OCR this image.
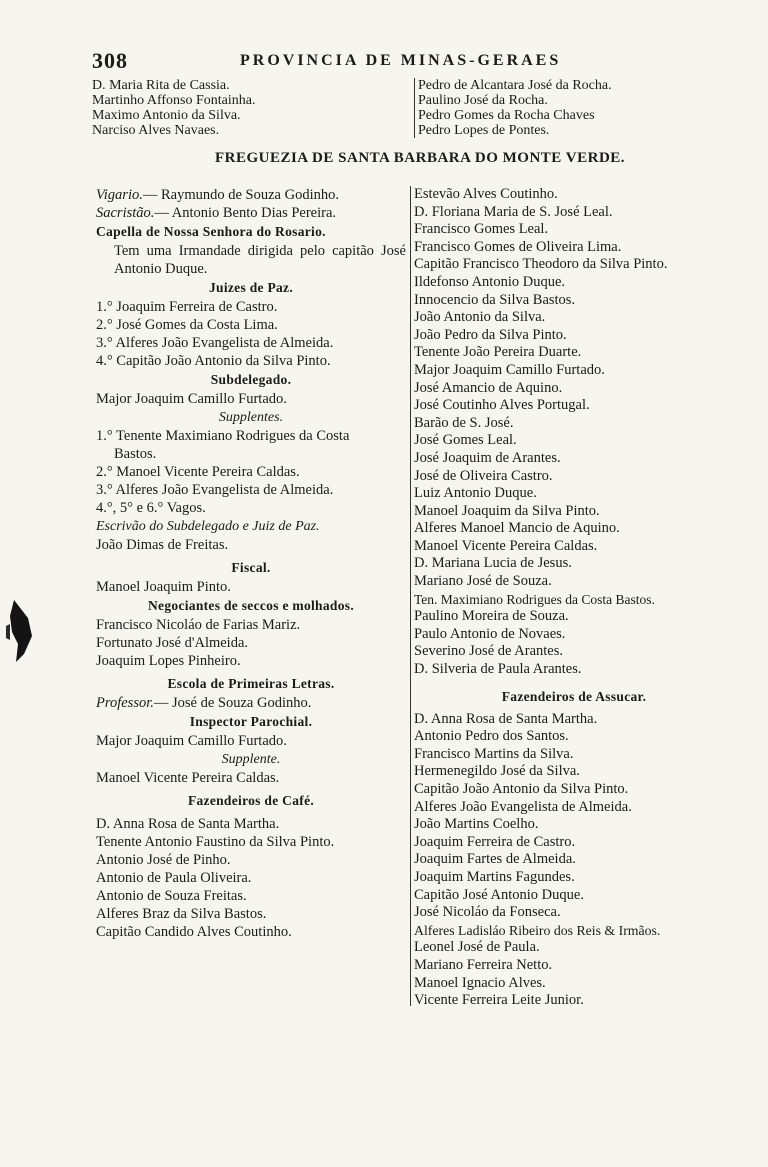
308	PROVINCIA DE MINAS-GERAES
D. Maria Rita de Cassia.
Martinho Affonso Fontainha.
Maximo Antonio da Silva.
Narciso Alves Navaes.
Pedro de Alcantara José da Rocha.
Paulino José da Rocha.
Pedro Gomes da Rocha Chaves
Pedro Lopes de Pontes.
FREGUEZIA DE SANTA BARBARA DO MONTE VERDE.
Vigario.— Raymundo de Souza Godinho.
Sacristão.— Antonio Bento Dias Pereira.
Capella de Nossa Senhora do Rosario.
Tem uma Irmandade dirigida pelo capitão José Antonio Duque.
Juizes de Paz.
1.° Joaquim Ferreira de Castro.
2.° José Gomes da Costa Lima.
3.° Alferes João Evangelista de Almeida.
4.° Capitão João Antonio da Silva Pinto.
Subdelegado.
Major Joaquim Camillo Furtado.
Supplentes.
1.° Tenente Maximiano Rodrigues da Costa
Bastos.
2.° Manoel Vicente Pereira Caldas.
3.° Alferes João Evangelista de Almeida.
4.°, 5° e 6.° Vagos.
Escrivão do Subdelegado e Juiz de Paz.
João Dimas de Freitas.
Fiscal.
Manoel Joaquim Pinto.
Negociantes de seccos e molhados.
Francisco Nicoláo de Farias Mariz.
Fortunato José d'Almeida.
Joaquim Lopes Pinheiro.
Escola de Primeiras Letras.
Professor.— José de Souza Godinho.
Inspector Parochial.
Major Joaquim Camillo Furtado.
Supplente.
Manoel Vicente Pereira Caldas.
Fazendeiros de Café.
D. Anna Rosa de Santa Martha.
Tenente Antonio Faustino da Silva Pinto.
Antonio José de Pinho.
Antonio de Paula Oliveira.
Antonio de Souza Freitas.
Alferes Braz da Silva Bastos.
Capitão Candido Alves Coutinho.
Estevão Alves Coutinho.
D. Floriana Maria de S. José Leal.
Francisco Gomes Leal.
Francisco Gomes de Oliveira Lima.
Capitão Francisco Theodoro da Silva Pinto.
Ildefonso Antonio Duque.
Innocencio da Silva Bastos.
João Antonio da Silva.
João Pedro da Silva Pinto.
Tenente João Pereira Duarte.
Major Joaquim Camillo Furtado.
José Amancio de Aquino.
José Coutinho Alves Portugal.
Barão de S. José.
José Gomes Leal.
José Joaquim de Arantes.
José de Oliveira Castro.
Luiz Antonio Duque.
Manoel Joaquim da Silva Pinto.
Alferes Manoel Mancio de Aquino.
Manoel Vicente Pereira Caldas.
D. Mariana Lucia de Jesus.
Mariano José de Souza.
Ten. Maximiano Rodrigues da Costa Bastos.
Paulino Moreira de Souza.
Paulo Antonio de Novaes.
Severino José de Arantes.
D. Silveria de Paula Arantes.
Fazendeiros de Assucar.
D. Anna Rosa de Santa Martha.
Antonio Pedro dos Santos.
Francisco Martins da Silva.
Hermenegildo José da Silva.
Capitão João Antonio da Silva Pinto.
Alferes João Evangelista de Almeida.
João Martins Coelho.
Joaquim Ferreira de Castro.
Joaquim Fartes de Almeida.
Joaquim Martins Fagundes.
Capitão José Antonio Duque.
José Nicoláo da Fonseca.
Alferes Ladisláo Ribeiro dos Reis & Irmãos.
Leonel José de Paula.
Mariano Ferreira Netto.
Manoel Ignacio Alves.
Vicente Ferreira Leite Junior.
